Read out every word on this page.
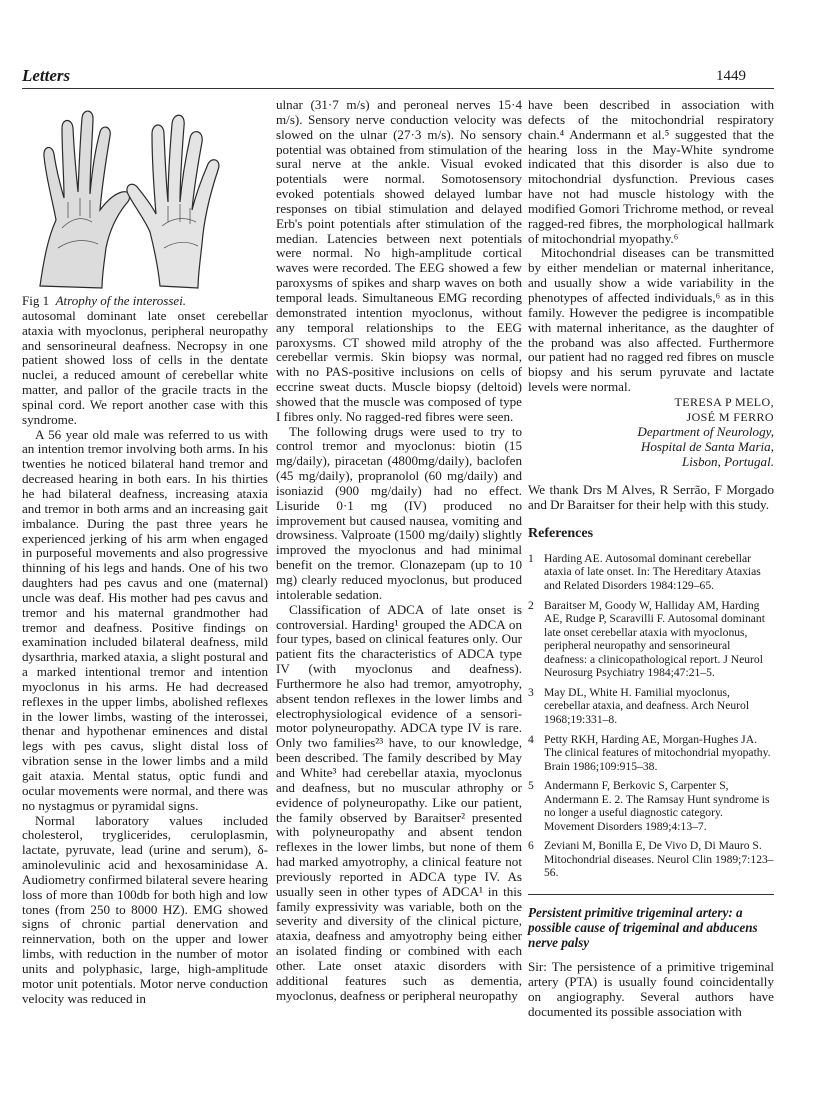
Letters	1449

Fig 1 Atrophy of the interossei.

autosomal dominant late onset cerebellar ataxia with myoclonus, peripheral neuropathy and sensorineural deafness. Necropsy in one patient showed loss of cells in the dentate nuclei, a reduced amount of cerebellar white matter, and pallor of the gracile tracts in the spinal cord. We report another case with this syndrome.

A 56 year old male was referred to us with an intention tremor involving both arms. In his twenties he noticed bilateral hand tremor and decreased hearing in both ears. In his thirties he had bilateral deafness, increasing ataxia and tremor in both arms and an increasing gait imbalance. During the past three years he experienced jerking of his arm when engaged in purposeful movements and also progressive thinning of his legs and hands. One of his two daughters had pes cavus and one (maternal) uncle was deaf. His mother had pes cavus and tremor and his maternal grandmother had tremor and deafness. Positive findings on examination included bilateral deafness, mild dysarthria, marked ataxia, a slight postural and a marked intentional tremor and intention myoclonus in his arms. He had decreased reflexes in the upper limbs, abolished reflexes in the lower limbs, wasting of the interossei, thenar and hypothenar eminences and distal legs with pes cavus, slight distal loss of vibration sense in the lower limbs and a mild gait ataxia. Mental status, optic fundi and ocular movements were normal, and there was no nystagmus or pyramidal signs.

Normal laboratory values included cholesterol, tryglicerides, ceruloplasmin, lactate, pyruvate, lead (urine and serum), δ-aminolevulinic acid and hexosaminidase A. Audiometry confirmed bilateral severe hearing loss of more than 100db for both high and low tones (from 250 to 8000 HZ). EMG showed signs of chronic partial denervation and reinnervation, both on the upper and lower limbs, with reduction in the number of motor units and polyphasic, large, high-amplitude motor unit potentials. Motor nerve conduction velocity was reduced in

ulnar (31·7 m/s) and peroneal nerves 15·4 m/s). Sensory nerve conduction velocity was slowed on the ulnar (27·3 m/s). No sensory potential was obtained from stimulation of the sural nerve at the ankle. Visual evoked potentials were normal. Somotosensory evoked potentials showed delayed lumbar responses on tibial stimulation and delayed Erb's point potentials after stimulation of the median. Latencies between next potentials were normal. No high-amplitude cortical waves were recorded. The EEG showed a few paroxysms of spikes and sharp waves on both temporal leads. Simultaneous EMG recording demonstrated intention myoclonus, without any temporal relationships to the EEG paroxysms. CT showed mild atrophy of the cerebellar vermis. Skin biopsy was normal, with no PAS-positive inclusions on cells of eccrine sweat ducts. Muscle biopsy (deltoid) showed that the muscle was composed of type I fibres only. No ragged-red fibres were seen.

The following drugs were used to try to control tremor and myoclonus: biotin (15 mg/daily), piracetan (4800mg/daily), baclofen (45 mg/daily), propranolol (60 mg/daily) and isoniazid (900 mg/daily) had no effect. Lisuride 0·1 mg (IV) produced no improvement but caused nausea, vomiting and drowsiness. Valproate (1500 mg/daily) slightly improved the myoclonus and had minimal benefit on the tremor. Clonazepam (up to 10 mg) clearly reduced myoclonus, but produced intolerable sedation.

Classification of ADCA of late onset is controversial. Harding¹ grouped the ADCA on four types, based on clinical features only. Our patient fits the characteristics of ADCA type IV (with myoclonus and deafness). Furthermore he also had tremor, amyotrophy, absent tendon reflexes in the lower limbs and electrophysiological evidence of a sensori-motor polyneuropathy. ADCA type IV is rare. Only two families²³ have, to our knowledge, been described. The family described by May and White³ had cerebellar ataxia, myoclonus and deafness, but no muscular athrophy or evidence of polyneuropathy. Like our patient, the family observed by Baraitser² presented with polyneuropathy and absent tendon reflexes in the lower limbs, but none of them had marked amyotrophy, a clinical feature not previously reported in ADCA type IV. As usually seen in other types of ADCA¹ in this family expressivity was variable, both on the severity and diversity of the clinical picture, ataxia, deafness and amyotrophy being either an isolated finding or combined with each other. Late onset ataxic disorders with additional features such as dementia, myoclonus, deafness or peripheral neuropathy

have been described in association with defects of the mitochondrial respiratory chain.⁴ Andermann et al.⁵ suggested that the hearing loss in the May-White syndrome indicated that this disorder is also due to mitochondrial dysfunction. Previous cases have not had muscle histology with the modified Gomori Trichrome method, or reveal ragged-red fibres, the morphological hallmark of mitochondrial myopathy.⁶

Mitochondrial diseases can be transmitted by either mendelian or maternal inheritance, and usually show a wide variability in the phenotypes of affected individuals,⁶ as in this family. However the pedigree is incompatible with maternal inheritance, as the daughter of the proband was also affected. Furthermore our patient had no ragged red fibres on muscle biopsy and his serum pyruvate and lactate levels were normal.

TERESA P MELO,
JOSÉ M FERRO
Department of Neurology,
Hospital de Santa Maria,
Lisbon, Portugal.

We thank Drs M Alves, R Serrão, F Morgado and Dr Baraitser for their help with this study.

References
1 Harding AE. Autosomal dominant cerebellar ataxia of late onset. In: The Hereditary Ataxias and Related Disorders 1984:129–65.
2 Baraitser M, Goody W, Halliday AM, Harding AE, Rudge P, Scaravilli F. Autosomal dominant late onset cerebellar ataxia with myoclonus, peripheral neuropathy and sensorineural deafness: a clinicopathological report. J Neurol Neurosurg Psychiatry 1984;47:21–5.
3 May DL, White H. Familial myoclonus, cerebellar ataxia, and deafness. Arch Neurol 1968;19:331–8.
4 Petty RKH, Harding AE, Morgan-Hughes JA. The clinical features of mitochondrial myopathy. Brain 1986;109:915–38.
5 Andermann F, Berkovic S, Carpenter S, Andermann E. 2. The Ramsay Hunt syndrome is no longer a useful diagnostic category. Movement Disorders 1989;4:13–7.
6 Zeviani M, Bonilla E, De Vivo D, Di Mauro S. Mitochondrial diseases. Neurol Clin 1989;7:123–56.
Persistent primitive trigeminal artery: a possible cause of trigeminal and abducens nerve palsy

Sir: The persistence of a primitive trigeminal artery (PTA) is usually found coincidentally on angiography. Several authors have documented its possible association with
